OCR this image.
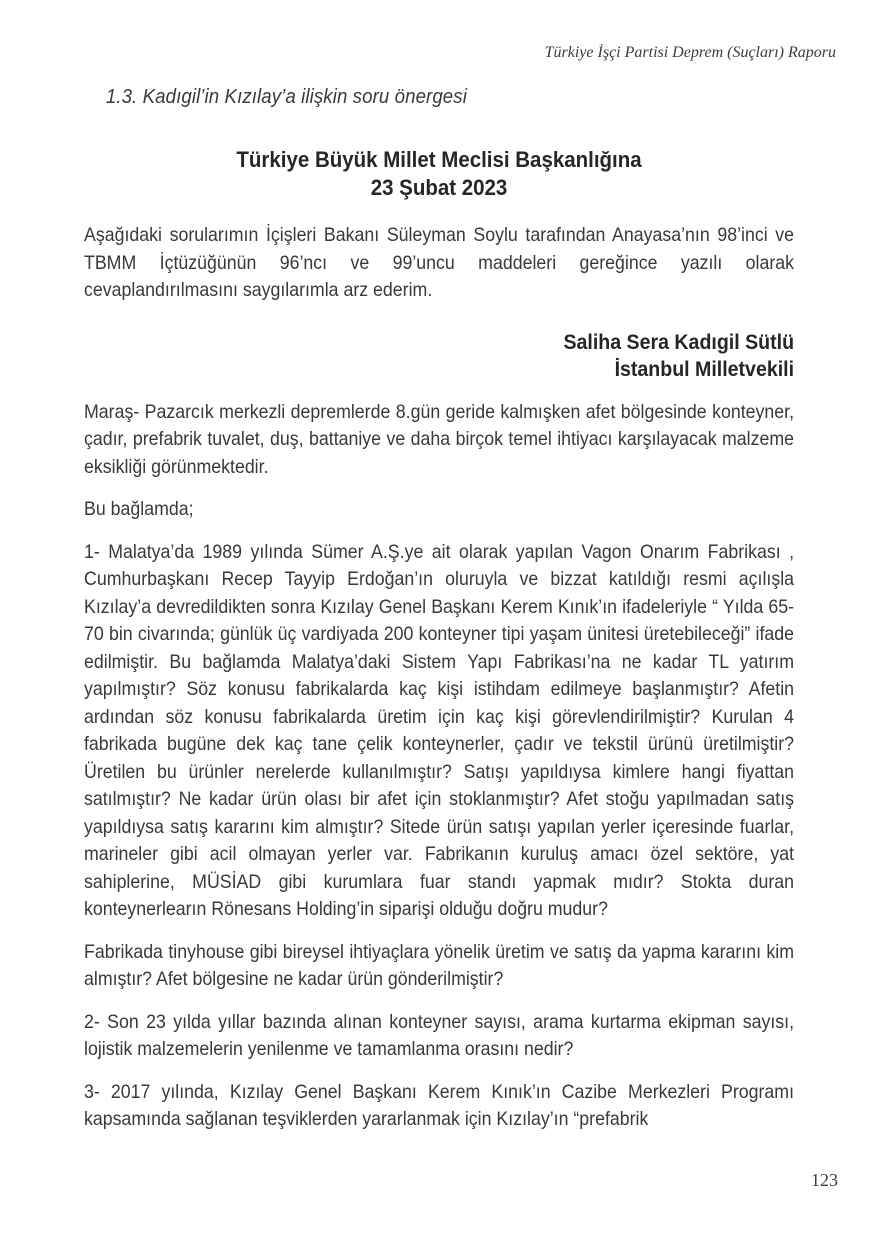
Türkiye İşçi Partisi Deprem (Suçları) Raporu
1.3. Kadıgil’in Kızılay’a ilişkin soru önergesi
Türkiye Büyük Millet Meclisi Başkanlığına
23 Şubat 2023

Aşağıdaki sorularımın İçişleri Bakanı Süleyman Soylu tarafından Anayasa’nın 98’inci ve TBMM İçtüzüğünün 96’ncı ve 99’uncu maddeleri gereğince yazılı olarak cevaplandırılmasını saygılarımla arz ederim.

Saliha Sera Kadıgil Sütlü
İstanbul Milletvekili

Maraş- Pazarcık merkezli depremlerde 8.gün geride kalmışken afet bölgesinde konteyner, çadır, prefabrik tuvalet, duş, battaniye ve daha birçok temel ihtiyacı karşılayacak malzeme eksikliği görünmektedir.

Bu bağlamda;

1- Malatya’da 1989 yılında Sümer A.Ş.ye ait olarak yapılan Vagon Onarım Fabrikası , Cumhurbaşkanı Recep Tayyip Erdoğan’ın oluruyla ve bizzat katıldığı resmi açılışla Kızılay’a devredildikten sonra Kızılay Genel Başkanı Kerem Kınık’ın ifadeleriyle “ Yılda 65-70 bin civarında; günlük üç vardiyada 200 konteyner tipi yaşam ünitesi üretebileceği” ifade edilmiştir. Bu bağlamda Malatya’daki Sistem Yapı Fabrikası’na ne kadar TL yatırım yapılmıştır? Söz konusu fabrikalarda kaç kişi istihdam edilmeye başlanmıştır? Afetin ardından söz konusu fabrikalarda üretim için kaç kişi görevlendirilmiştir? Kurulan 4 fabrikada bugüne dek kaç tane çelik konteynerler, çadır ve tekstil ürünü üretilmiştir? Üretilen bu ürünler nerelerde kullanılmıştır? Satışı yapıldıysa kimlere hangi fiyattan satılmıştır? Ne kadar ürün olası bir afet için stoklanmıştır? Afet stoğu yapılmadan satış yapıldıysa satış kararını kim almıştır? Sitede ürün satışı yapılan yerler içeresinde fuarlar, marineler gibi acil olmayan yerler var. Fabrikanın kuruluş amacı özel sektöre, yat sahiplerine, MÜSİAD gibi kurumlara fuar standı yapmak mıdır? Stokta duran konteynerlearın Rönesans Holding’in siparişi olduğu doğru mudur?

Fabrikada tinyhouse gibi bireysel ihtiyaçlara yönelik üretim ve satış da yapma kararını kim almıştır? Afet bölgesine ne kadar ürün gönderilmiştir?

2- Son 23 yılda yıllar bazında alınan konteyner sayısı, arama kurtarma ekipman sayısı, lojistik malzemelerin yenilenme ve tamamlanma orasını nedir?

3- 2017 yılında, Kızılay Genel Başkanı Kerem Kınık’ın Cazibe Merkezleri Programı kapsamında sağlanan teşviklerden yararlanmak için Kızılay’ın “prefabrik

123
